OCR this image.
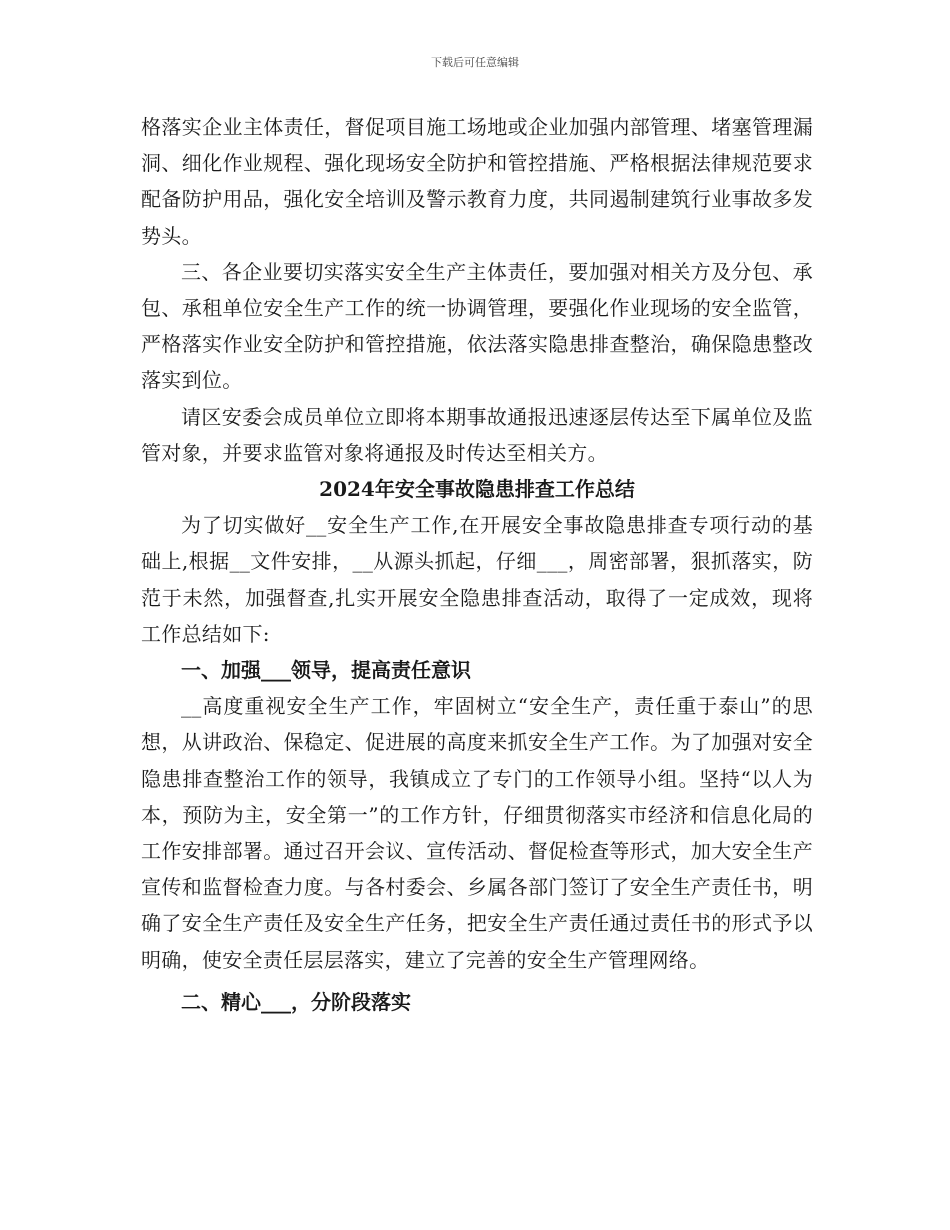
下载后可任意编辑

格落实企业主体责任，督促项目施工场地或企业加强内部管理、堵塞管理漏洞、细化作业规程、强化现场安全防护和管控措施、严格根据法律规范要求配备防护用品，强化安全培训及警示教育力度，共同遏制建筑行业事故多发势头。

三、各企业要切实落实安全生产主体责任，要加强对相关方及分包、承包、承租单位安全生产工作的统一协调管理，要强化作业现场的安全监管，严格落实作业安全防护和管控措施，依法落实隐患排查整治，确保隐患整改落实到位。

请区安委会成员单位立即将本期事故通报迅速逐层传达至下属单位及监管对象，并要求监管对象将通报及时传达至相关方。

2024年安全事故隐患排查工作总结

为了切实做好__安全生产工作,在开展安全事故隐患排查专项行动的基础上,根据__文件安排，__从源头抓起，仔细___，周密部署，狠抓落实，防范于未然，加强督查,扎实开展安全隐患排查活动，取得了一定成效，现将工作总结如下:

一、加强___领导，提高责任意识

__高度重视安全生产工作，牢固树立“安全生产，责任重于泰山”的思想，从讲政治、保稳定、促进展的高度来抓安全生产工作。为了加强对安全隐患排查整治工作的领导，我镇成立了专门的工作领导小组。坚持“以人为本，预防为主，安全第一”的工作方针，仔细贯彻落实市经济和信息化局的工作安排部署。通过召开会议、宣传活动、督促检查等形式，加大安全生产宣传和监督检查力度。与各村委会、乡属各部门签订了安全生产责任书，明确了安全生产责任及安全生产任务，把安全生产责任通过责任书的形式予以明确，使安全责任层层落实，建立了完善的安全生产管理网络。

二、精心___，分阶段落实
